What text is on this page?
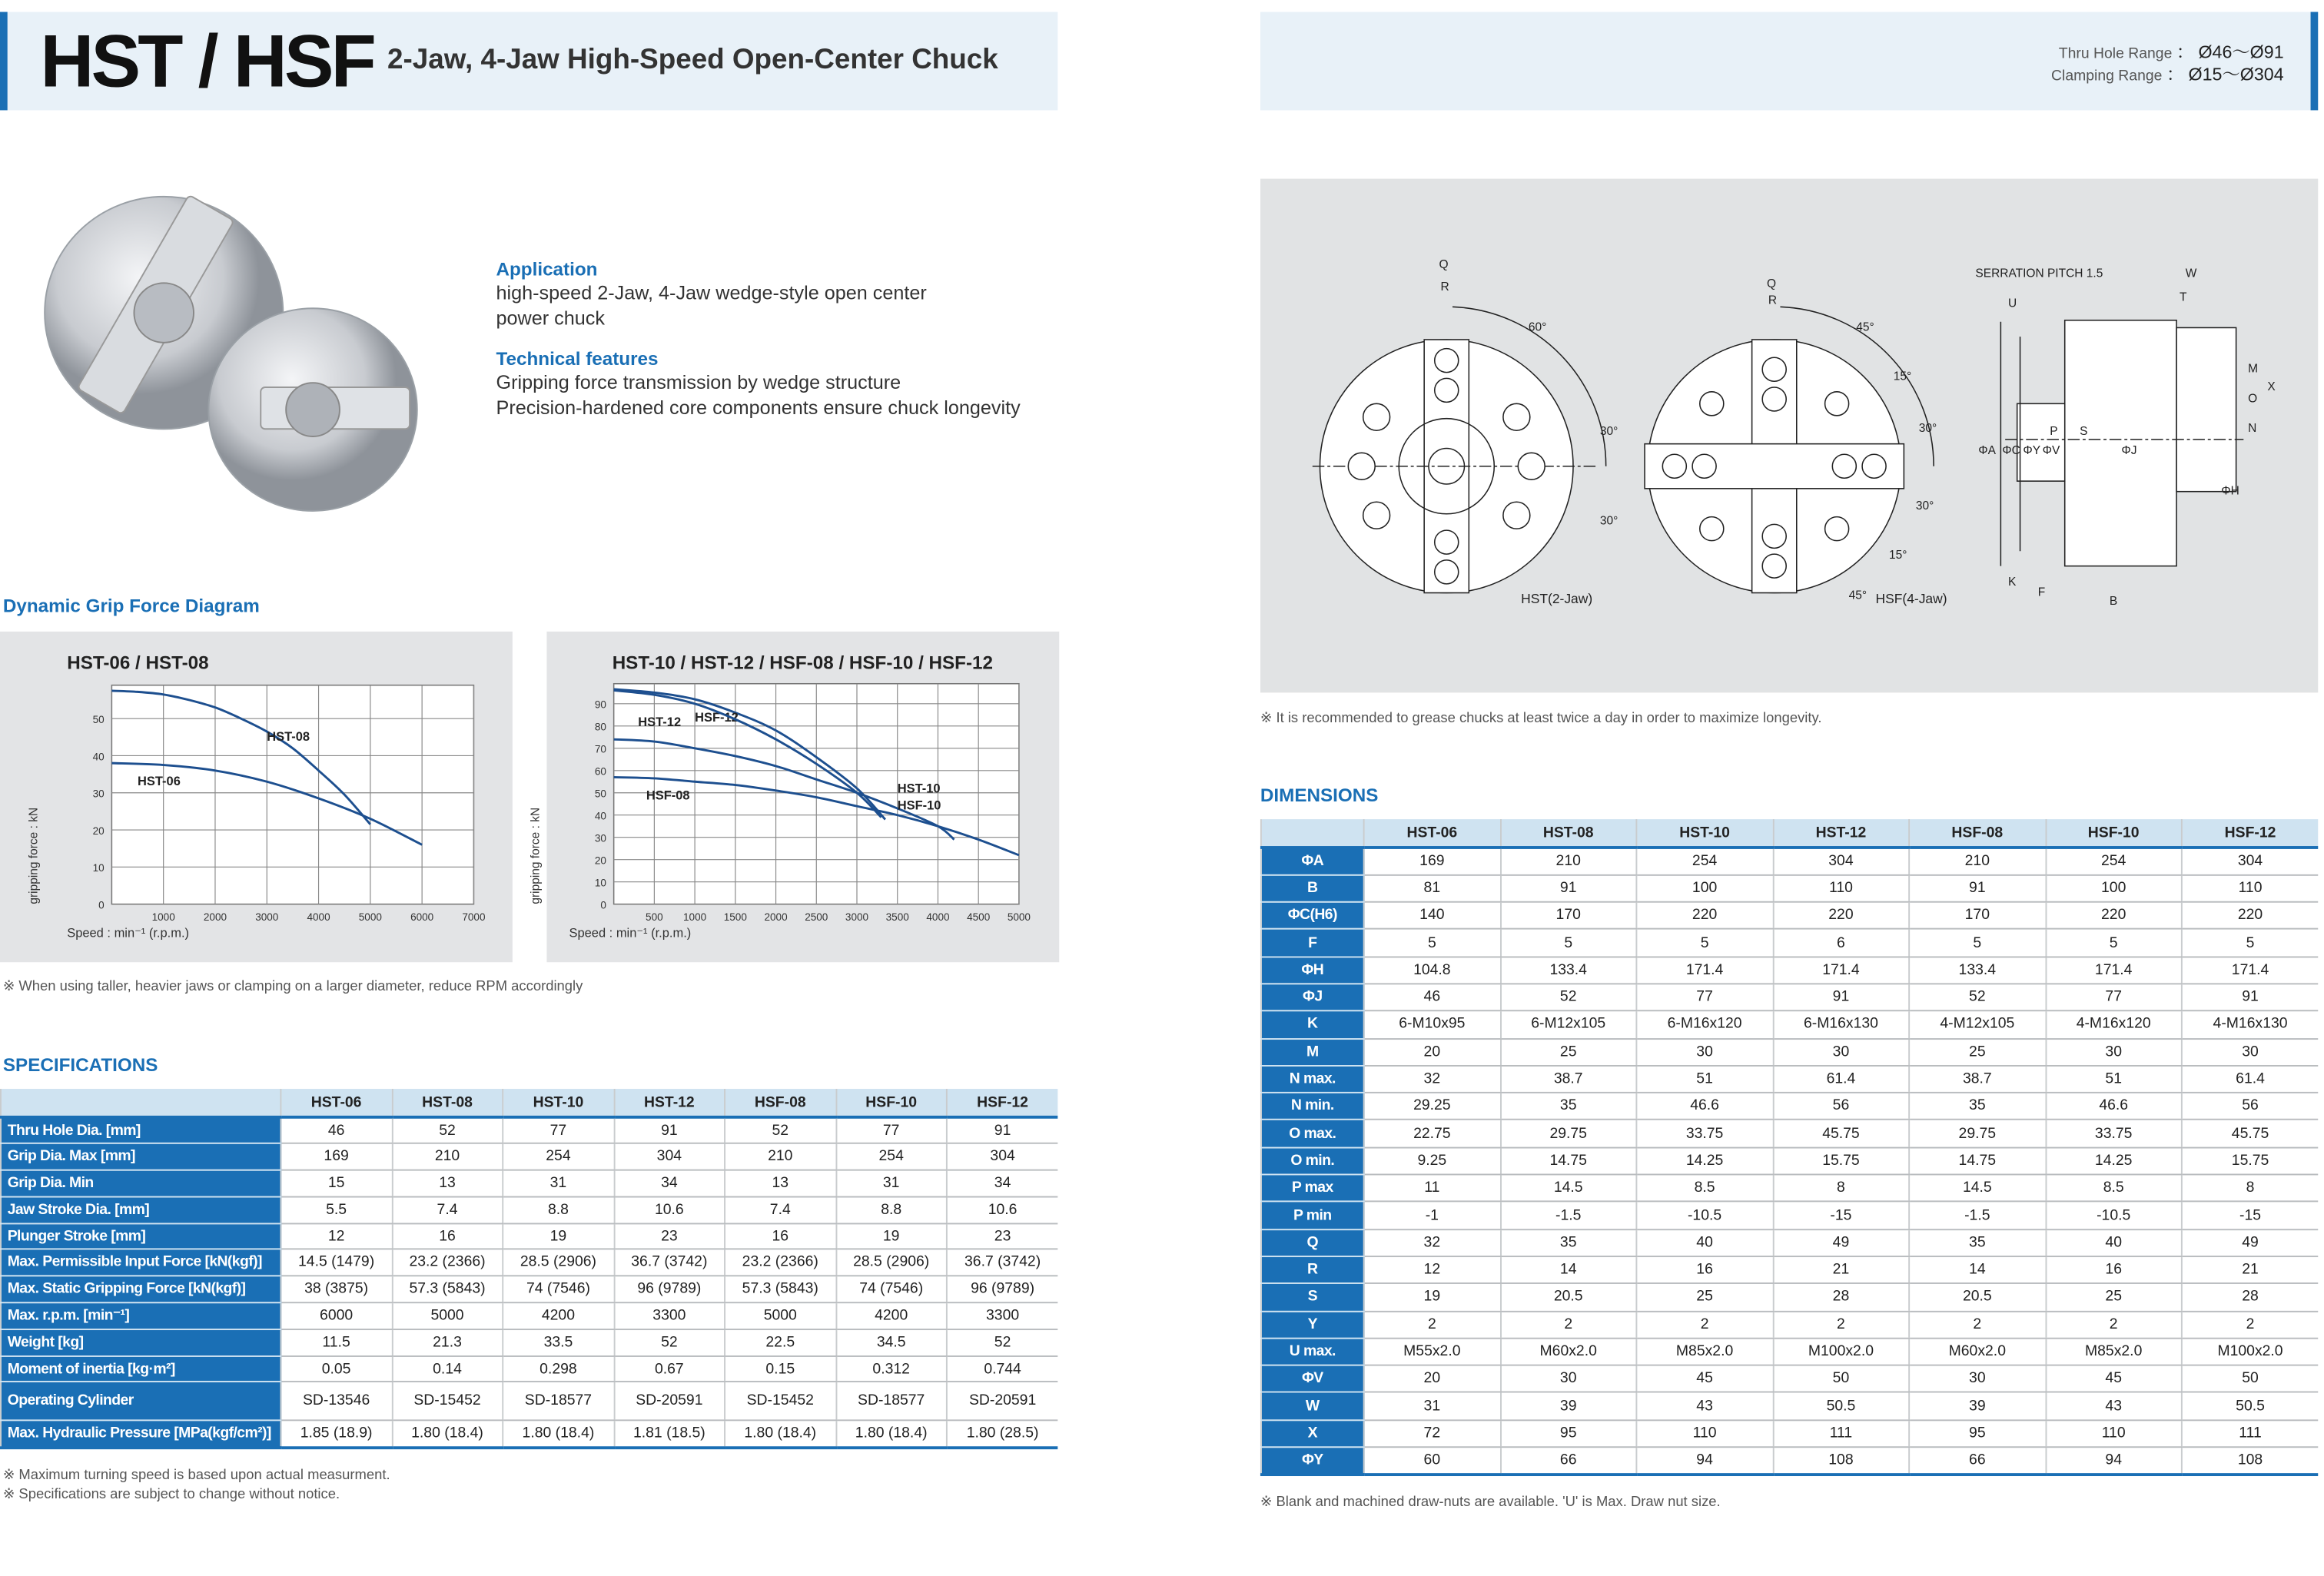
HST / HSF 2-Jaw, 4-Jaw High-Speed Open-Center Chuck	Thru Hole Range ： Ø46～Ø91
Clamping Range ： Ø15～Ø304
Application
high-speed 2-Jaw, 4-Jaw wedge-style open center
power chuck
Technical features
Gripping force transmission by wedge structure
Precision-hardened core components ensure chuck longevity
Dynamic Grip Force Diagram
HST-06 / HST-08
1000	2000	3000	4000	5000	6000	7000
0
10
20
30
40
50
Speed : min⁻¹ (r.p.m.)
gripping force : kN
HST-08
HST-06
HST-10 / HST-12 / HSF-08 / HSF-10 / HSF-12
500	1000	1500	2000	2500	3000	3500	4000	4500	5000
0
10
20
30
40
50
60
70
80
90
Speed : min⁻¹ (r.p.m.)
gripping force : kN
HSF-12
HST-12
HST-10
HSF-10
HSF-08
※ When using taller, heavier jaws or clamping on a larger diameter, reduce RPM accordingly
SPECIFICATIONS
	HST-06	HST-08	HST-10	HST-12	HSF-08	HSF-10	HSF-12
Thru Hole Dia. [mm]	46	52	77	91	52	77	91
Grip Dia. Max [mm]	169	210	254	304	210	254	304
Grip Dia. Min	15	13	31	34	13	31	34
Jaw Stroke Dia. [mm]	5.5	7.4	8.8	10.6	7.4	8.8	10.6
Plunger Stroke [mm]	12	16	19	23	16	19	23
Max. Permissible Input Force [kN(kgf)]	14.5 (1479)	23.2 (2366)	28.5 (2906)	36.7 (3742)	23.2 (2366)	28.5 (2906)	36.7 (3742)
Max. Static Gripping Force [kN(kgf)]	38 (3875)	57.3 (5843)	74 (7546)	96 (9789)	57.3 (5843)	74 (7546)	96 (9789)
Max. r.p.m. [min⁻¹]	6000	5000	4200	3300	5000	4200	3300
Weight [kg]	11.5	21.3	33.5	52	22.5	34.5	52
Moment of inertia [kg·m²]	0.05	0.14	0.298	0.67	0.15	0.312	0.744
Operating Cylinder	SD-13546	SD-15452	SD-18577	SD-20591	SD-15452	SD-18577	SD-20591
Max. Hydraulic Pressure [MPa(kgf/cm²)]	1.85 (18.9)	1.80 (18.4)	1.80 (18.4)	1.81 (18.5)	1.80 (18.4)	1.80 (18.4)	1.80 (28.5)
※ Maximum turning speed is based upon actual measurment.
※ Specifications are subject to change without notice.
Q
R
60°
30°
30°
HST(2-Jaw)
Q
R
45°
15°
30°
30°
15°
45° HSF(4-Jaw)
SERRATION PITCH 1.5	W
T
U
M
O
N
X
ΦA ΦC ΦY ΦV
P	S
ΦJ
ΦH
K
F
B
※ It is recommended to grease chucks at least twice a day in order to maximize longevity.
DIMENSIONS
	HST-06	HST-08	HST-10	HST-12	HSF-08	HSF-10	HSF-12
ΦA	169	210	254	304	210	254	304
B	81	91	100	110	91	100	110
ΦC(H6)	140	170	220	220	170	220	220
F	5	5	5	6	5	5	5
ΦH	104.8	133.4	171.4	171.4	133.4	171.4	171.4
ΦJ	46	52	77	91	52	77	91
K	6-M10x95	6-M12x105	6-M16x120	6-M16x130	4-M12x105	4-M16x120	4-M16x130
M	20	25	30	30	25	30	30
N max.	32	38.7	51	61.4	38.7	51	61.4
N min.	29.25	35	46.6	56	35	46.6	56
O max.	22.75	29.75	33.75	45.75	29.75	33.75	45.75
O min.	9.25	14.75	14.25	15.75	14.75	14.25	15.75
P max	11	14.5	8.5	8	14.5	8.5	8
P min	-1	-1.5	-10.5	-15	-1.5	-10.5	-15
Q	32	35	40	49	35	40	49
R	12	14	16	21	14	16	21
S	19	20.5	25	28	20.5	25	28
Y	2	2	2	2	2	2	2
U max.	M55x2.0	M60x2.0	M85x2.0	M100x2.0	M60x2.0	M85x2.0	M100x2.0
ΦV	20	30	45	50	30	45	50
W	31	39	43	50.5	39	43	50.5
X	72	95	110	111	95	110	111
ΦY	60	66	94	108	66	94	108
※ Blank and machined draw-nuts are available. 'U' is Max. Draw nut size.
